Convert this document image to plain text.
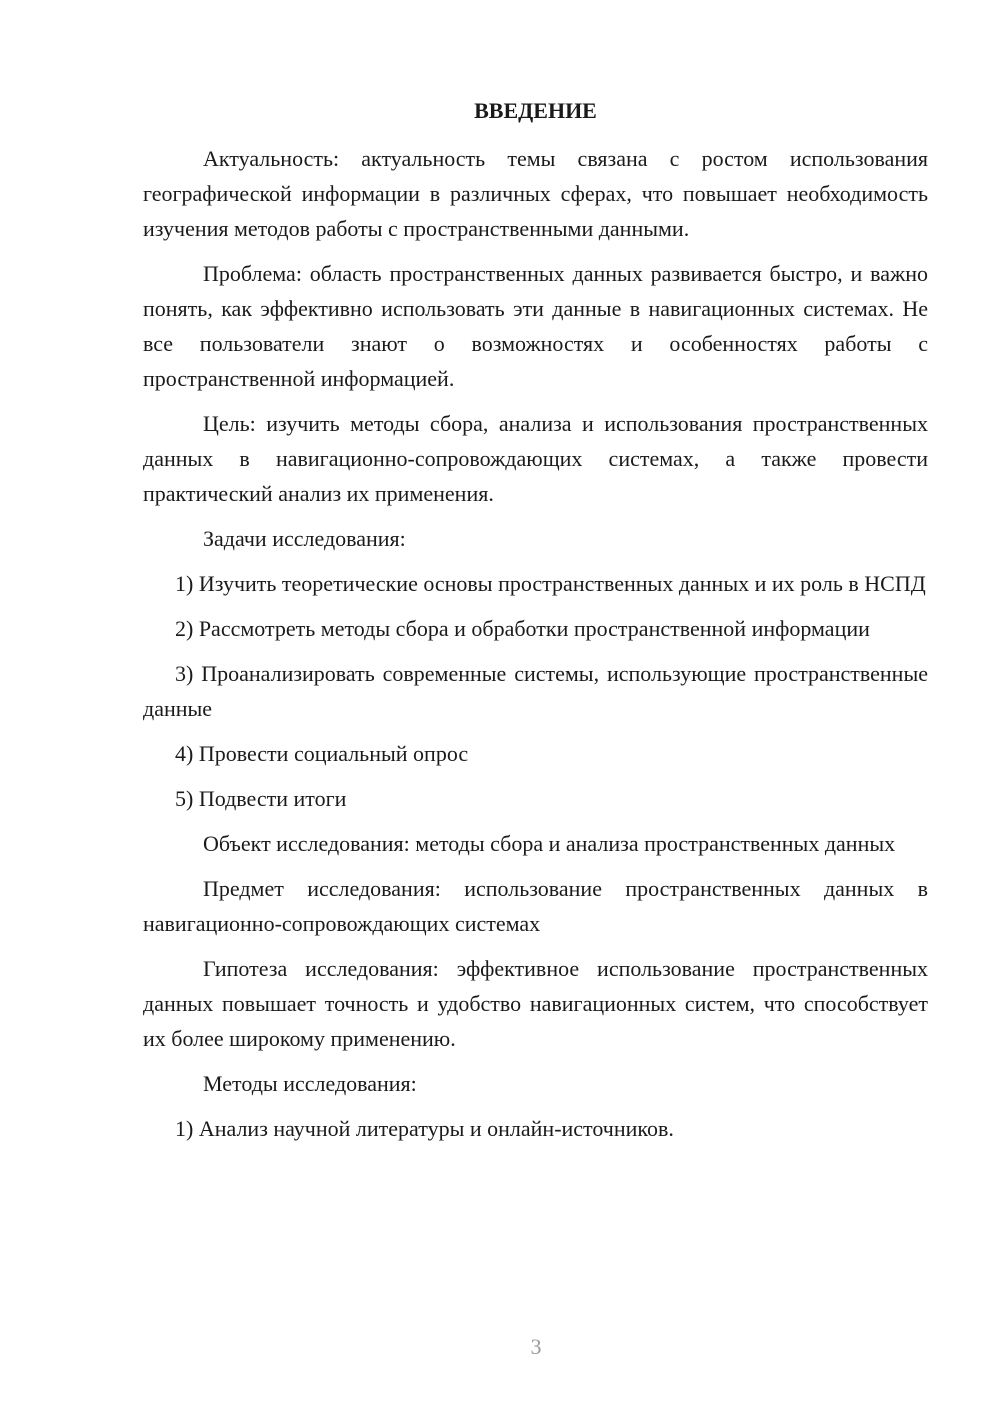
ВВЕДЕНИЕ

Актуальность: актуальность темы связана с ростом использования географической информации в различных сферах, что повышает необходимость изучения методов работы с пространственными данными.

Проблема: область пространственных данных развивается быстро, и важно понять, как эффективно использовать эти данные в навигационных системах. Не все пользователи знают о возможностях и особенностях работы с пространственной информацией.

Цель: изучить методы сбора, анализа и использования пространственных данных в навигационно-сопровождающих системах, а также провести практический анализ их применения.

Задачи исследования:

1) Изучить теоретические основы пространственных данных и их роль в НСПД

2) Рассмотреть методы сбора и обработки пространственной информации

3) Проанализировать современные системы, использующие пространственные данные

4) Провести социальный опрос

5) Подвести итоги

Объект исследования: методы сбора и анализа пространственных данных

Предмет исследования: использование пространственных данных в навигационно-сопровождающих системах

Гипотеза исследования: эффективное использование пространственных данных повышает точность и удобство навигационных систем, что способствует их более широкому применению.

Методы исследования:

1) Анализ научной литературы и онлайн-источников.

3
